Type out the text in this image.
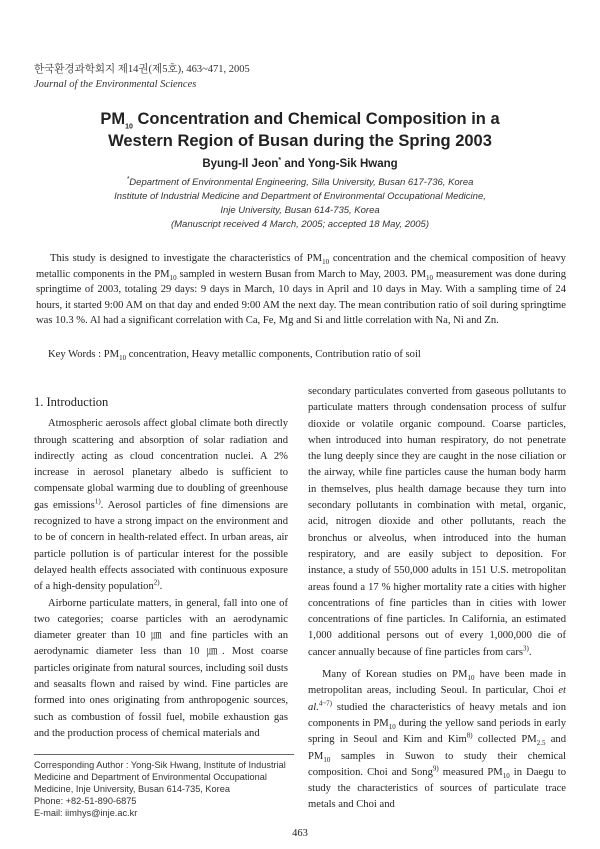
한국환경과학회지 제14권(제5호), 463~471, 2005
Journal of the Environmental Sciences
$PM_{10}$ Concentration and Chemical Composition in a
Western Region of Busan during the Spring 2003
Byung-Il Jeon* and Yong-Sik Hwang
*Department of Environmental Engineering, Silla University, Busan 617-736, Korea
Institute of Industrial Medicine and Department of Environmental Occupational Medicine,
Inje University, Busan 614-735, Korea
(Manuscript received 4 March, 2005; accepted 18 May, 2005)
This study is designed to investigate the characteristics of $PM_{10}$ concentration and the chemical composition of heavy metallic components in the $PM_{10}$ sampled in western Busan from March to May, 2003. $PM_{10}$ measurement was done during springtime of 2003, totaling 29 days: 9 days in March, 10 days in April and 10 days in May. With a sampling time of 24 hours, it started 9:00 AM on that day and ended 9:00 AM the next day. The mean contribution ratio of soil during springtime was 10.3 %. Al had a significant correlation with Ca, Fe, Mg and Si and little correlation with Na, Ni and Zn.
Key Words : $PM_{10}$ concentration, Heavy metallic components, Contribution ratio of soil
1. Introduction

Atmospheric aerosols affect global climate both directly through scattering and absorption of solar radiation and indirectly acting as cloud concentration nuclei. A 2% increase in aerosol planetary albedo is sufficient to compensate global warming due to doubling of greenhouse gas emissions$^{1)}$. Aerosol particles of fine dimensions are recognized to have a strong impact on the environment and to be of concern in health-related effect. In urban areas, air particle pollution is of particular interest for the possible delayed health effects associated with continuous exposure of a high-density population$^{2)}$.

Airborne particulate matters, in general, fall into one of two categories; coarse particles with an aerodynamic diameter greater than 10 ㎛ and fine particles with an aerodynamic diameter less than 10 ㎛. Most coarse particles originate from natural sources, including soil dusts and seasalts flown and raised by wind. Fine particles are formed into ones originating from anthropogenic sources, such as combustion of fossil fuel, mobile exhaustion gas and the production process of chemical materials and

secondary particulates converted from gaseous pollutants to particulate matters through condensation process of sulfur dioxide or volatile organic compound. Coarse particles, when introduced into human respiratory, do not penetrate the lung deeply since they are caught in the nose ciliation or the airway, while fine particles cause the human body harm in themselves, plus health damage because they turn into secondary pollutants in combination with metal, organic, acid, nitrogen dioxide and other pollutants, reach the bronchus or alveolus, when introduced into the human respiratory, and are easily subject to deposition. For instance, a study of 550,000 adults in 151 U.S. metropolitan areas found a 17 % higher mortality rate a cities with higher concentrations of fine particles than in cities with lower concentrations of fine particles. In California, an estimated 1,000 additional persons out of every 1,000,000 die of cancer annually because of fine particles from cars$^{3)}$.

Many of Korean studies on $PM_{10}$ have been made in metropolitan areas, including Seoul. In particular, Choi et al.$^{4\sim 7)}$ studied the characteristics of heavy metals and ion components in $PM_{10}$ during the yellow sand periods in early spring in Seoul and Kim and Kim$^{8)}$ collected $PM_{2.5}$ and $PM_{10}$ samples in Suwon to study their chemical composition. Choi and Song$^{9)}$ measured $PM_{10}$ in Daegu to study the characteristics of sources of particulate trace metals and Choi and

Corresponding Author : Yong-Sik Hwang, Institute of Industrial Medicine and Department of Environmental Occupational Medicine, Inje University, Busan 614-735, Korea
Phone: +82-51-890-6875
E-mail: iimhys@inje.ac.kr
463
